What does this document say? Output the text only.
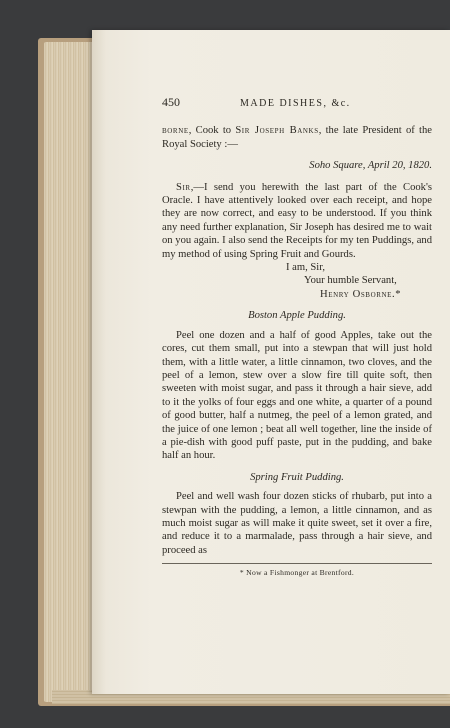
450	MADE DISHES, &c.

borne, Cook to Sir Joseph Banks, the late President of the Royal Society :—

Soho Square, April 20, 1820.

Sir,—I send you herewith the last part of the Cook's Oracle. I have attentively looked over each receipt, and hope they are now correct, and easy to be understood. If you think any need further explanation, Sir Joseph has desired me to wait on you again. I also send the Receipts for my ten Puddings, and my method of using Spring Fruit and Gourds.

I am, Sir,
Your humble Servant,
Henry Osborne.*
Boston Apple Pudding.

Peel one dozen and a half of good Apples, take out the cores, cut them small, put into a stewpan that will just hold them, with a little water, a little cinnamon, two cloves, and the peel of a lemon, stew over a slow fire till quite soft, then sweeten with moist sugar, and pass it through a hair sieve, add to it the yolks of four eggs and one white, a quarter of a pound of good butter, half a nutmeg, the peel of a lemon grated, and the juice of one lemon ; beat all well together, line the inside of a pie-dish with good puff paste, put in the pudding, and bake half an hour.

Spring Fruit Pudding.

Peel and well wash four dozen sticks of rhubarb, put into a stewpan with the pudding, a lemon, a little cinnamon, and as much moist sugar as will make it quite sweet, set it over a fire, and reduce it to a marmalade, pass through a hair sieve, and proceed as

* Now a Fishmonger at Brentford.
